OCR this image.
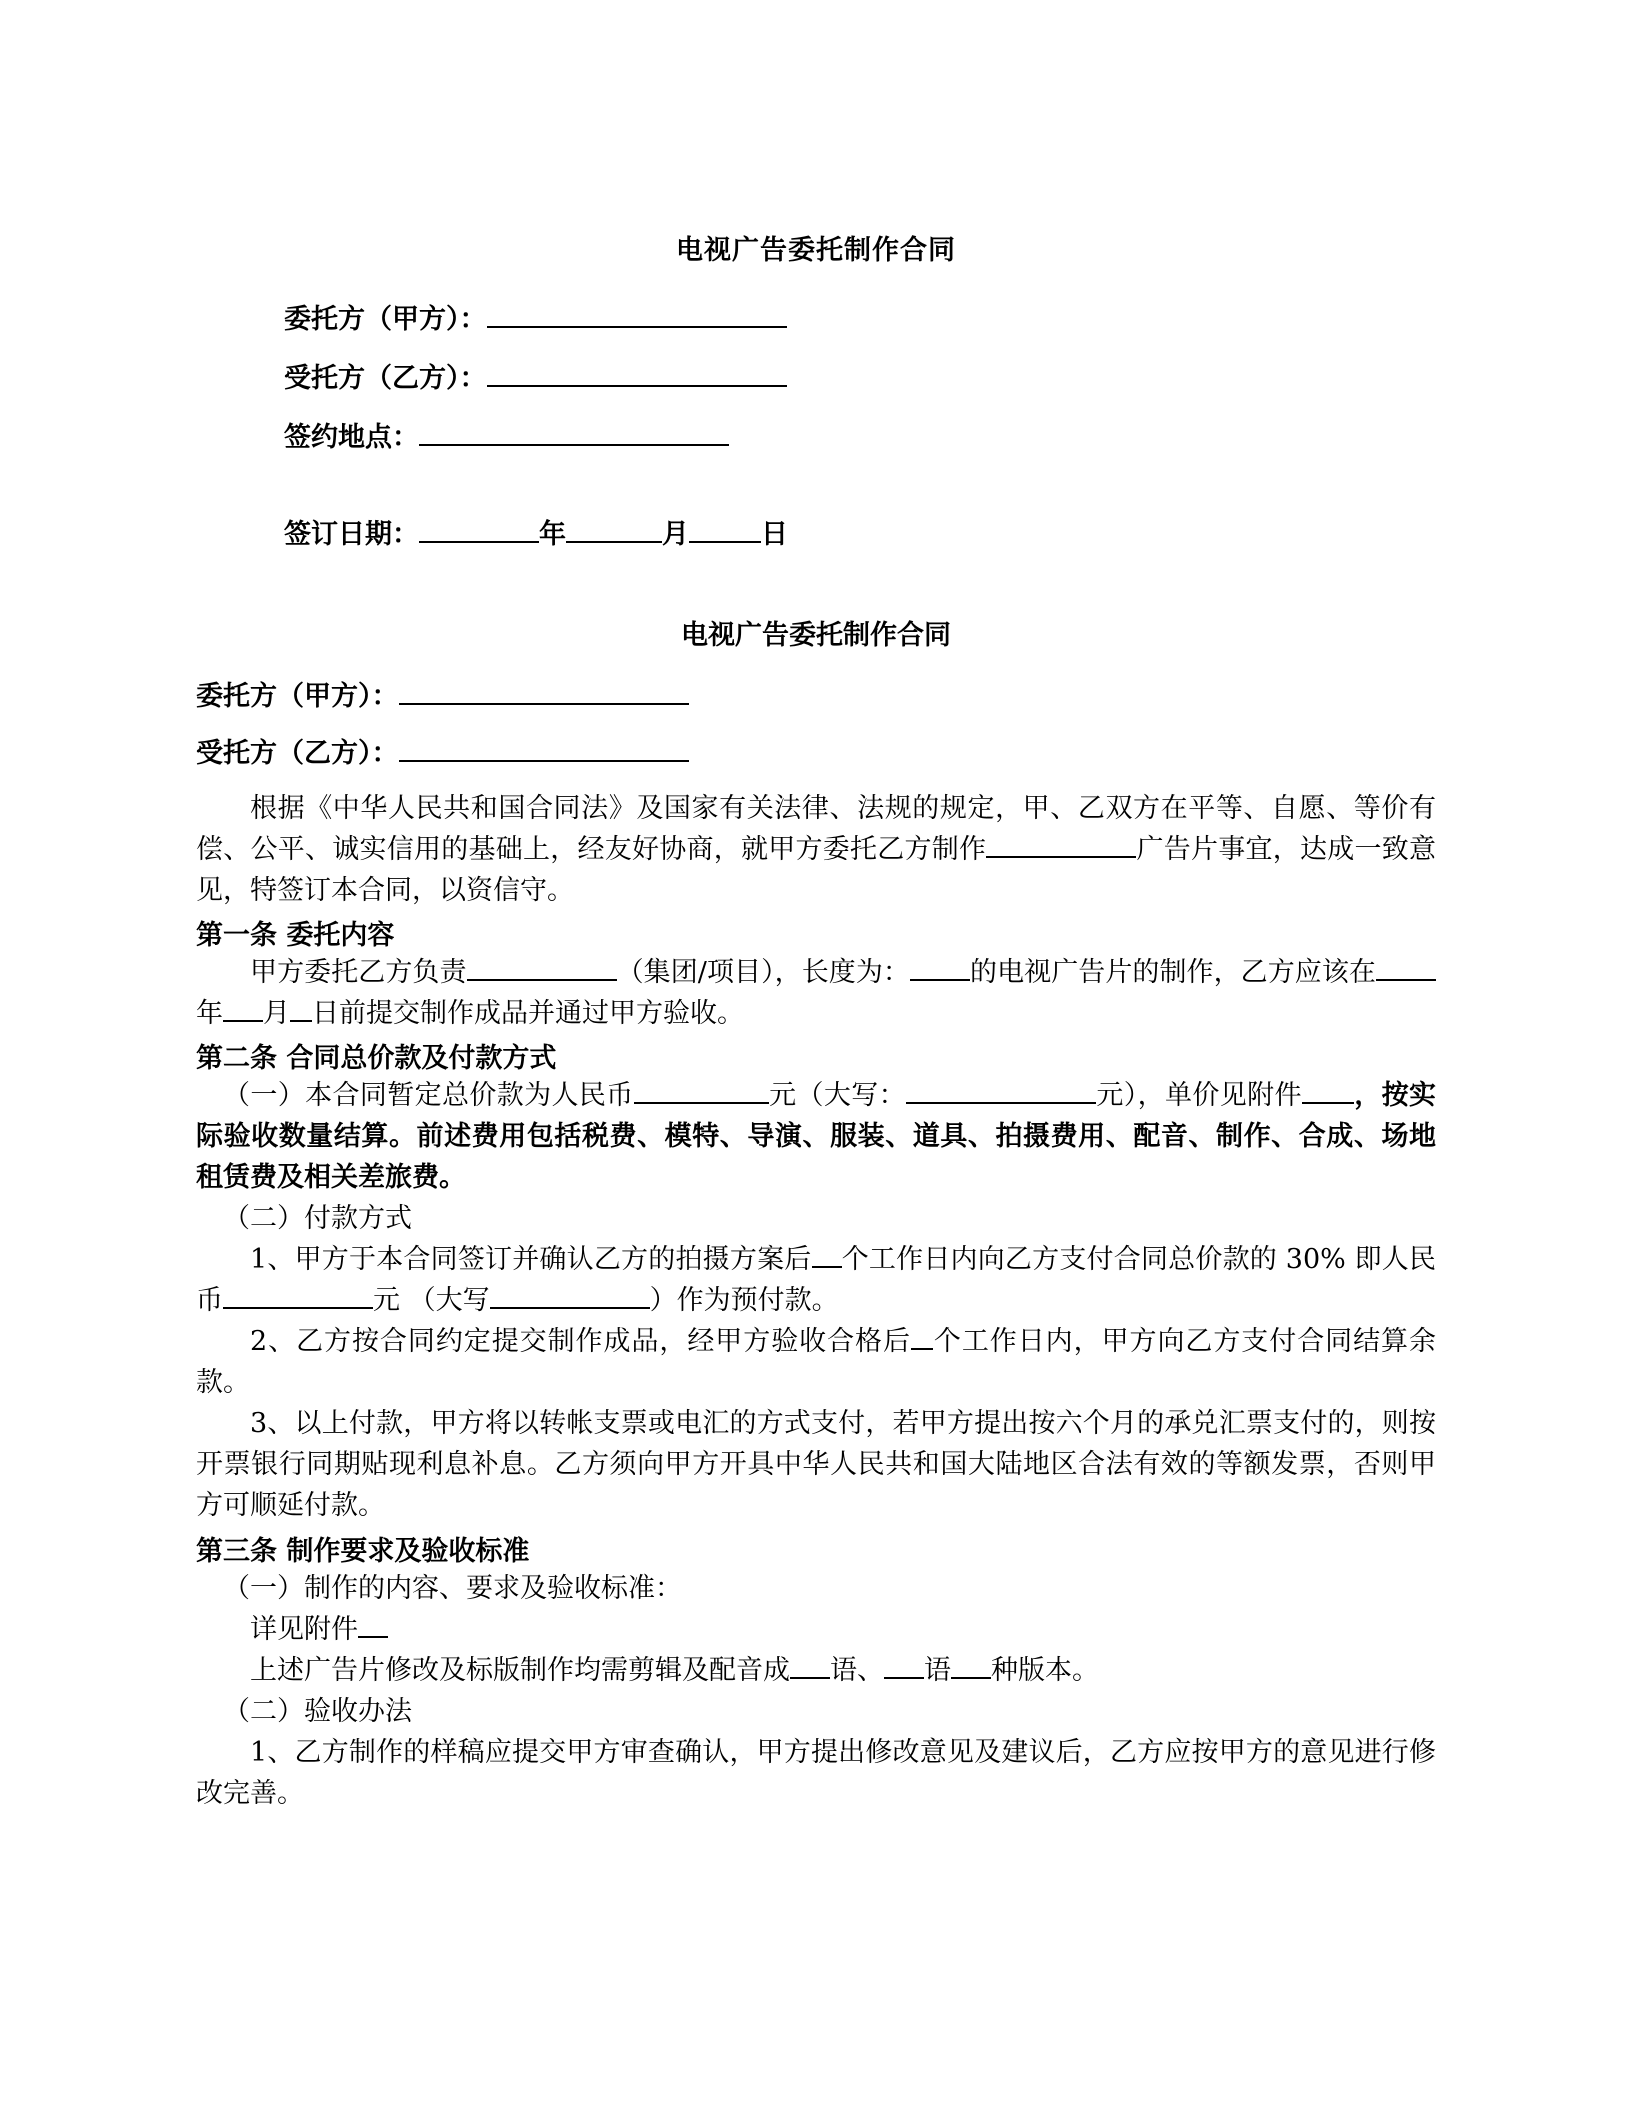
电视广告委托制作合同
委托方（甲方）：
受托方（乙方）：
签约地点：
签订日期：	年	月	日
电视广告委托制作合同
委托方（甲方）：
受托方（乙方）：

根据《中华人民共和国合同法》及国家有关法律、法规的规定，甲、乙双方在平等、自愿、等价有偿、公平、诚实信用的基础上，经友好协商，就甲方委托乙方制作	广告片事宜，达成一致意见，特签订本合同，以资信守。

第一条 委托内容

甲方委托乙方负责	（集团/项目），长度为： 的电视广告片的制作，乙方应该在年 月 日前提交制作成品并通过甲方验收。

第二条 合同总价款及付款方式

（一）本合同暂定总价款为人民币	元（大写：	元），单价见附件 ，按实际验收数量结算。前述费用包括税费、模特、导演、服装、道具、拍摄费用、配音、制作、合成、场地租赁费及相关差旅费。

（二）付款方式

1、甲方于本合同签订并确认乙方的拍摄方案后 个工作日内向乙方支付合同总价款的 30% 即人民币	元 （大写	）作为预付款。

2、乙方按合同约定提交制作成品，经甲方验收合格后 个工作日内，甲方向乙方支付合同结算余款。

3、以上付款，甲方将以转帐支票或电汇的方式支付，若甲方提出按六个月的承兑汇票支付的，则按开票银行同期贴现利息补息。乙方须向甲方开具中华人民共和国大陆地区合法有效的等额发票，否则甲方可顺延付款。

第三条 制作要求及验收标准

（一）制作的内容、要求及验收标准：

详见附件

上述广告片修改及标版制作均需剪辑及配音成 语、 语 种版本。

（二）验收办法

1、乙方制作的样稿应提交甲方审查确认，甲方提出修改意见及建议后，乙方应按甲方的意见进行修改完善。
